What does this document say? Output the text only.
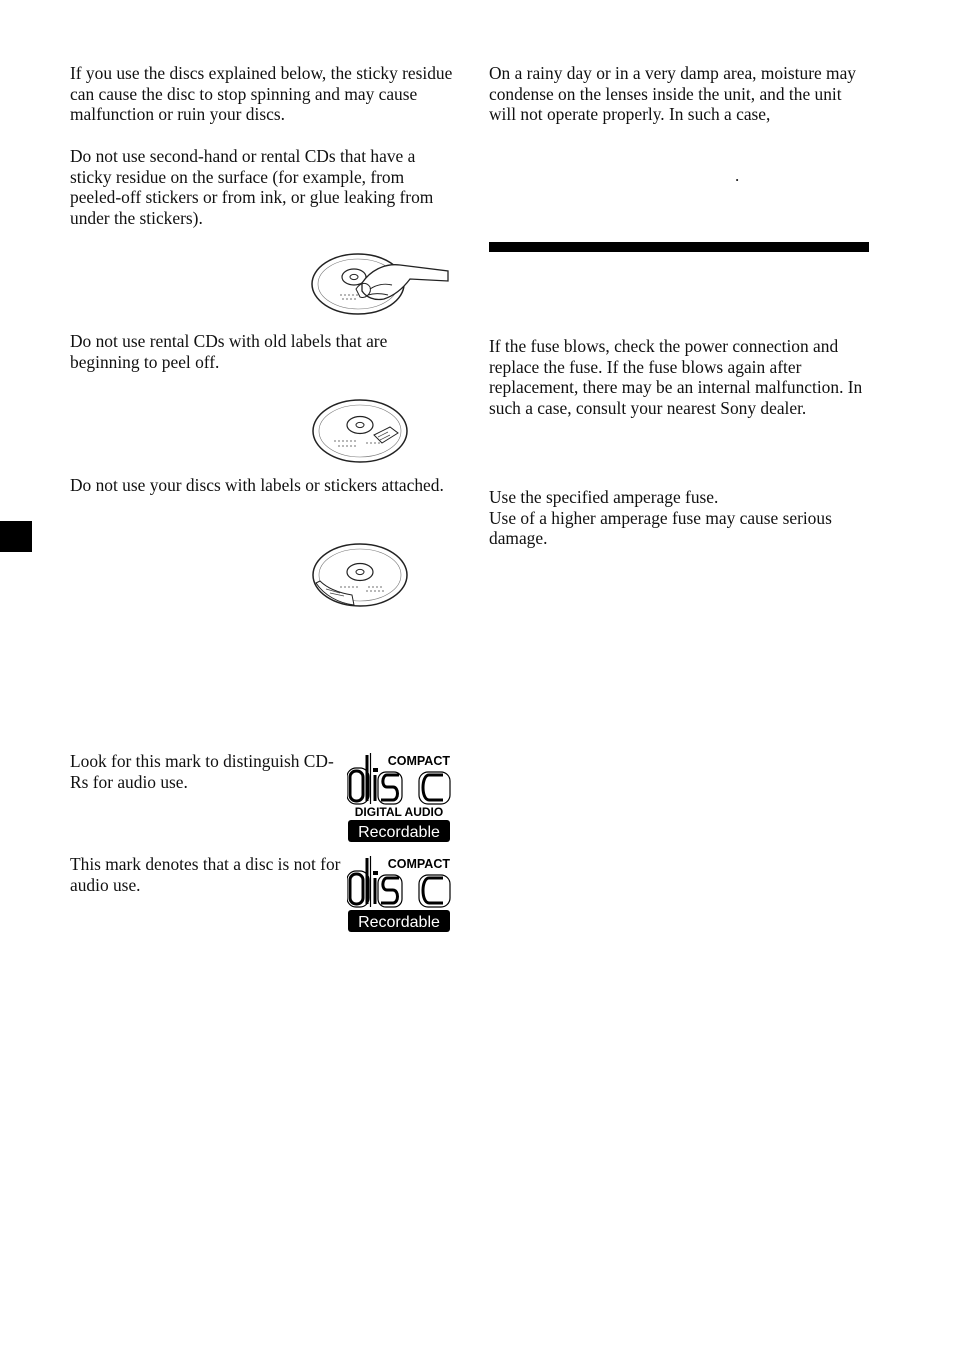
If you use the discs explained below, the sticky residue can cause the disc to stop spinning and may cause malfunction or ruin your discs.

Do not use second-hand or rental CDs that have a sticky residue on the surface (for example, from peeled-off stickers or from ink, or glue leaking from under the stickers).

Do not use rental CDs with old labels that are beginning to peel off.

Do not use your discs with labels or stickers attached.

Look for this mark to distinguish CD-Rs for audio use.

COMPACT
DIGITAL AUDIO
Recordable

This mark denotes that a disc is not for audio use.

COMPACT
Recordable

On a rainy day or in a very damp area, moisture may condense on the lenses inside the unit, and the unit will not operate properly. In such a case,

.

If the fuse blows, check the power connection and replace the fuse. If the fuse blows again after replacement, there may be an internal malfunction. In such a case, consult your nearest Sony dealer.

Use the specified amperage fuse.
Use of a higher amperage fuse may cause serious damage.
